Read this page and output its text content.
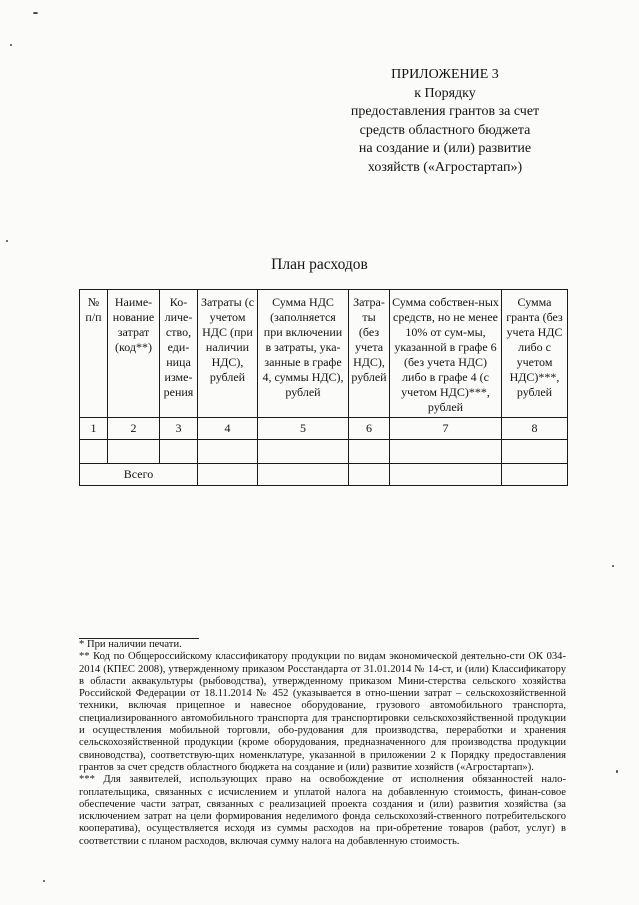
ПРИЛОЖЕНИЕ 3
к Порядку
предоставления грантов за счет
средств областного бюджета
на создание и (или) развитие
хозяйств («Агростартап»)
План расходов
№ п/п	Наиме-нование затрат (код**)	Ко-личе-ство, еди-ница изме-рения	Затраты (с учетом НДС (при наличии НДС), рублей	Сумма НДС (заполняется при включении в затраты, ука-занные в графе 4, суммы НДС), рублей	Затра-ты (без учета НДС), рублей	Сумма собствен-ных средств, но не менее 10% от сум-мы, указанной в графе 6 (без учета НДС) либо в графе 4 (с учетом НДС)***, рублей	Сумма гранта (без учета НДС либо с учетом НДС)***, рублей
1	2	3	4	5	6	7	8

Всего							

* При наличии печати.

** Код по Общероссийскому классификатору продукции по видам экономической деятельно-сти ОК 034-2014 (КПЕС 2008), утвержденному приказом Росстандарта от 31.01.2014 № 14-ст, и (или) Классификатору в области аквакультуры (рыбоводства), утвержденному приказом Мини-стерства сельского хозяйства Российской Федерации от 18.11.2014 № 452 (указывается в отно-шении затрат – сельскохозяйственной техники, включая прицепное и навесное оборудование, грузового автомобильного транспорта, специализированного автомобильного транспорта для транспортировки сельскохозяйственной продукции и осуществления мобильной торговли, обо-рудования для производства, переработки и хранения сельскохозяйственной продукции (кроме оборудования, предназначенного для производства продукции свиноводства), соответствую-щих номенклатуре, указанной в приложении 2 к Порядку предоставления грантов за счет средств областного бюджета на создание и (или) развитие хозяйств («Агростартап»).

*** Для заявителей, использующих право на освобождение от исполнения обязанностей нало-гоплательщика, связанных с исчислением и уплатой налога на добавленную стоимость, финан-совое обеспечение части затрат, связанных с реализацией проекта создания и (или) развития хозяйства (за исключением затрат на цели формирования неделимого фонда сельскохозяй-ственного потребительского кооператива), осуществляется исходя из суммы расходов на при-обретение товаров (работ, услуг) в соответствии с планом расходов, включая сумму налога на добавленную стоимость.
